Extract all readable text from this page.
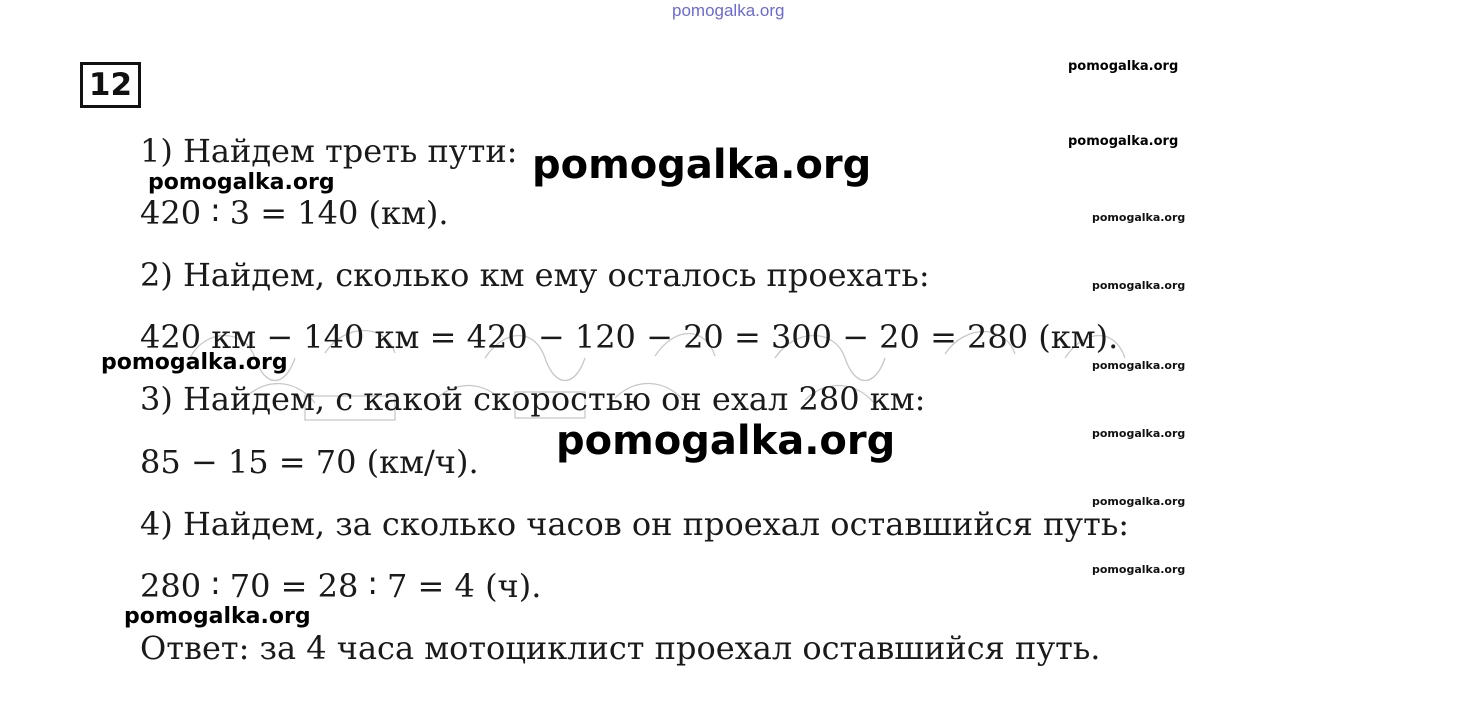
pomogalka.org
12
1) Найдем треть пути:
420 ∶ 3 = 140 (км).
2) Найдем, сколько км ему осталось проехать:
420 км − 140 км = 420 − 120 − 20 = 300 − 20 = 280 (км).
3) Найдем, с какой скоростью он ехал 280 км:
85 − 15 = 70 (км/ч).
4) Найдем, за сколько часов он проехал оставшийся путь:
280 ∶ 70 = 28 ∶ 7 = 4 (ч).
Ответ: за 4 часа мотоциклист проехал оставшийся путь.
pomogalka.org
pomogalka.org
pomogalka.org
pomogalka.org
pomogalka.org
pomogalka.org
pomogalka.org	pomogalka.org
pomogalka.org
pomogalka.org
pomogalka.org
pomogalka.org
pomogalka.org
